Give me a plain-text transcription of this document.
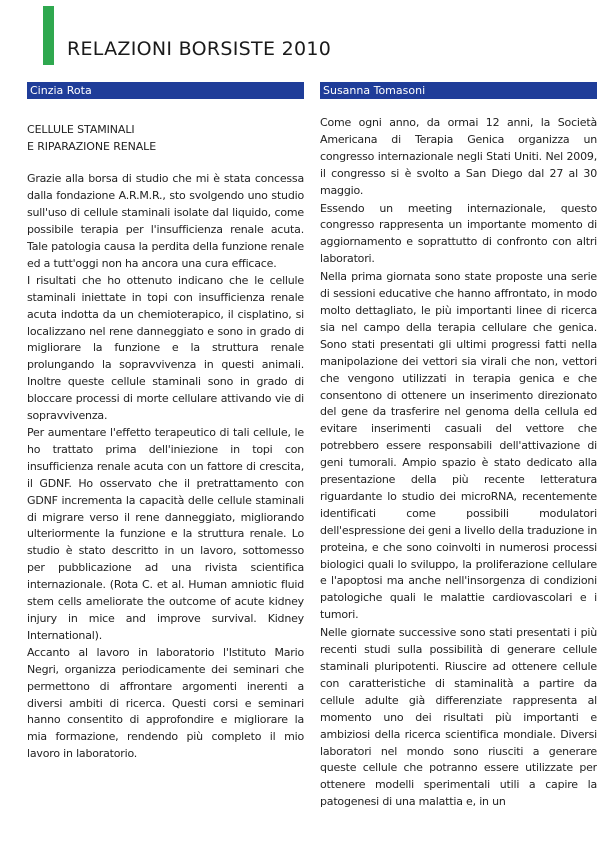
RELAZIONI BORSISTE 2010
Cinzia Rota
CELLULE STAMINALI
E RIPARAZIONE RENALE

Grazie alla borsa di studio che mi è stata concessa dalla fondazione A.R.M.R., sto svolgendo uno studio sull'uso di cellule staminali isolate dal liquido, come possibile terapia per l'insufficienza renale acuta. Tale patologia causa la perdita della funzione renale ed a tutt'oggi non ha ancora una cura efficace.

I risultati che ho ottenuto indicano che le cellule staminali iniettate in topi con insufficienza renale acuta indotta da un chemioterapico, il cisplatino, si localizzano nel rene danneggiato e sono in grado di migliorare la funzione e la struttura renale prolungando la sopravvivenza in questi animali. Inoltre queste cellule staminali sono in grado di bloccare processi di morte cellulare attivando vie di sopravvivenza.

Per aumentare l'effetto terapeutico di tali cellule, le ho trattato prima dell'iniezione in topi con insufficienza renale acuta con un fattore di crescita, il GDNF. Ho osservato che il pretrattamento con GDNF incrementa la capacità delle cellule staminali di migrare verso il rene danneggiato, migliorando ulteriormente la funzione e la struttura renale. Lo studio è stato descritto in un lavoro, sottomesso per pubblicazione ad una rivista scientifica internazionale. (Rota C. et al. Human amniotic fluid stem cells ameliorate the outcome of acute kidney injury in mice and improve survival. Kidney International).

Accanto al lavoro in laboratorio l'Istituto Mario Negri, organizza periodicamente dei seminari che permettono di affrontare argomenti inerenti a diversi ambiti di ricerca. Questi corsi e seminari hanno consentito di approfondire e migliorare la mia formazione, rendendo più completo il mio lavoro in laboratorio.

Susanna Tomasoni

Come ogni anno, da ormai 12 anni, la Società Americana di Terapia Genica organizza un congresso internazionale negli Stati Uniti. Nel 2009, il congresso si è svolto a San Diego dal 27 al 30 maggio.

Essendo un meeting internazionale, questo congresso rappresenta un importante momento di aggiornamento e soprattutto di confronto con altri laboratori.

Nella prima giornata sono state proposte una serie di sessioni educative che hanno affrontato, in modo molto dettagliato, le più importanti linee di ricerca sia nel campo della terapia cellulare che genica. Sono stati presentati gli ultimi progressi fatti nella manipolazione dei vettori sia virali che non, vettori che vengono utilizzati in terapia genica e che consentono di ottenere un inserimento direzionato del gene da trasferire nel genoma della cellula ed evitare inserimenti casuali del vettore che potrebbero essere responsabili dell'attivazione di geni tumorali. Ampio spazio è stato dedicato alla presentazione della più recente letteratura riguardante lo studio dei microRNA, recentemente identificati come possibili modulatori dell'espressione dei geni a livello della traduzione in proteina, e che sono coinvolti in numerosi processi biologici quali lo sviluppo, la proliferazione cellulare e l'apoptosi ma anche nell'insorgenza di condizioni patologiche quali le malattie cardiovascolari e i tumori.

Nelle giornate successive sono stati presentati i più recenti studi sulla possibilità di generare cellule staminali pluripotenti. Riuscire ad ottenere cellule con caratteristiche di staminalità a partire da cellule adulte già differenziate rappresenta al momento uno dei risultati più importanti e ambiziosi della ricerca scientifica mondiale. Diversi laboratori nel mondo sono riusciti a generare queste cellule che potranno essere utilizzate per ottenere modelli sperimentali utili a capire la patogenesi di una malattia e, in un
